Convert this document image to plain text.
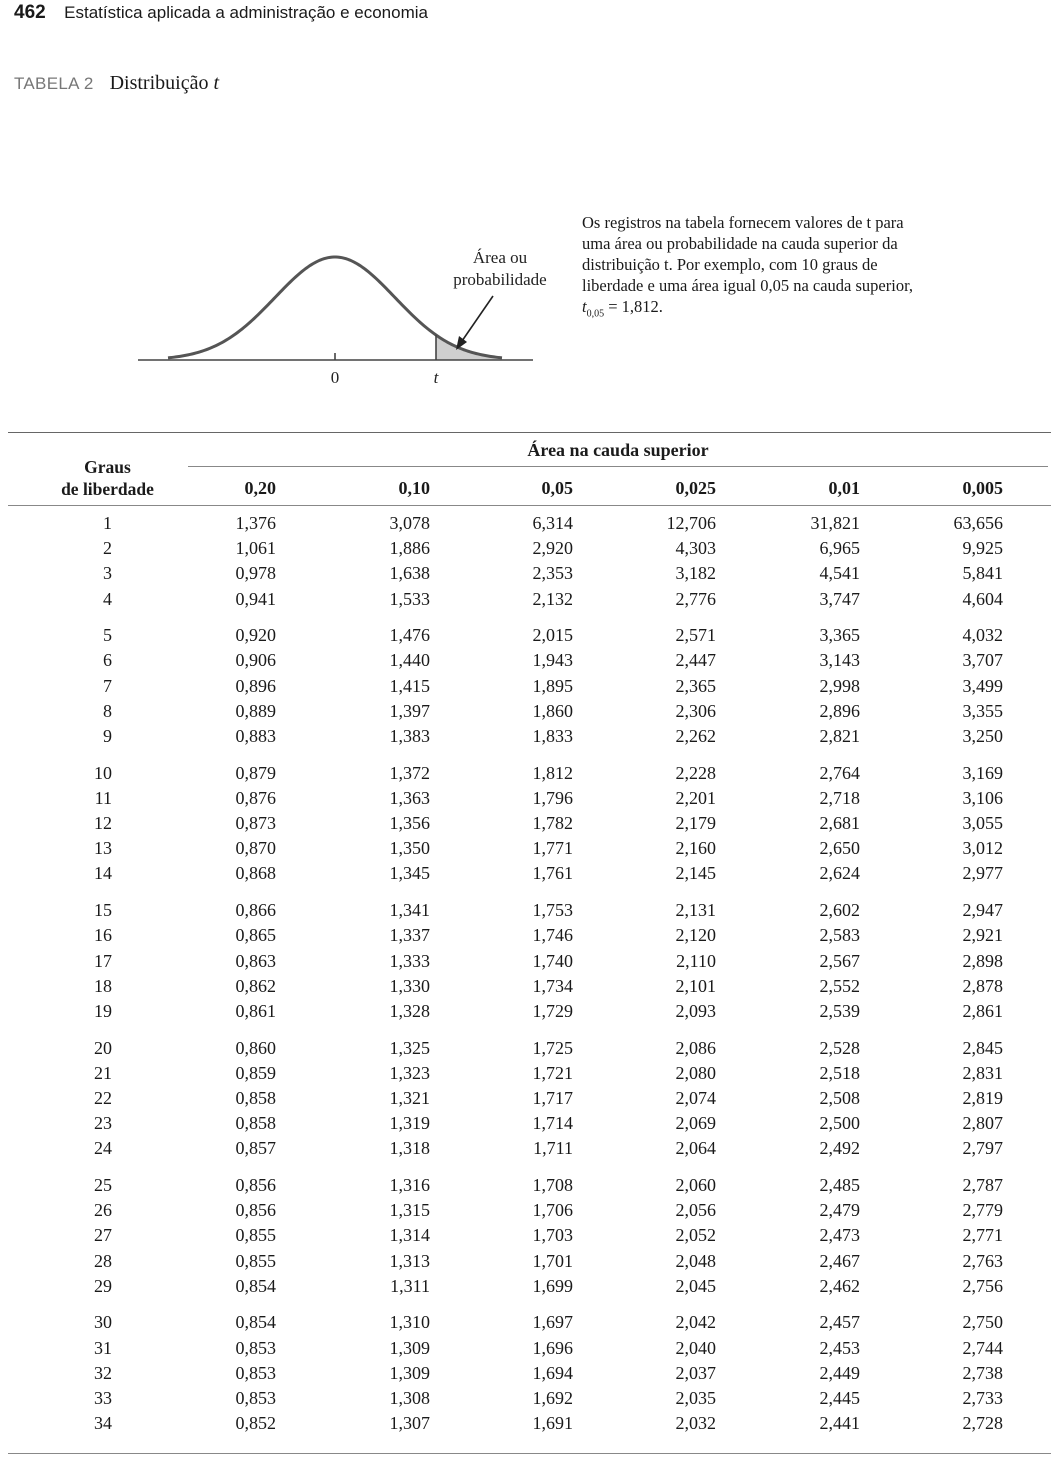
462 Estatística aplicada a administração e economia
TABELA 2 Distribuição t
Área ou
probabilidade
0	t
Os registros na tabela fornecem valores de t para uma área ou probabilidade na cauda superior da distribuição t. Por exemplo, com 10 graus de liberdade e uma área igual 0,05 na cauda superior, $t_{0,05} = 1,812$.
Graus
de liberdade
Área na cauda superior
0,20	0,10	0,05	0,025	0,01	0,005
1	1,376	3,078	6,314	12,706	31,821	63,656
2	1,061	1,886	2,920	4,303	6,965	9,925
3	0,978	1,638	2,353	3,182	4,541	5,841
4	0,941	1,533	2,132	2,776	3,747	4,604
5	0,920	1,476	2,015	2,571	3,365	4,032
6	0,906	1,440	1,943	2,447	3,143	3,707
7	0,896	1,415	1,895	2,365	2,998	3,499
8	0,889	1,397	1,860	2,306	2,896	3,355
9	0,883	1,383	1,833	2,262	2,821	3,250
10	0,879	1,372	1,812	2,228	2,764	3,169
11	0,876	1,363	1,796	2,201	2,718	3,106
12	0,873	1,356	1,782	2,179	2,681	3,055
13	0,870	1,350	1,771	2,160	2,650	3,012
14	0,868	1,345	1,761	2,145	2,624	2,977
15	0,866	1,341	1,753	2,131	2,602	2,947
16	0,865	1,337	1,746	2,120	2,583	2,921
17	0,863	1,333	1,740	2,110	2,567	2,898
18	0,862	1,330	1,734	2,101	2,552	2,878
19	0,861	1,328	1,729	2,093	2,539	2,861
20	0,860	1,325	1,725	2,086	2,528	2,845
21	0,859	1,323	1,721	2,080	2,518	2,831
22	0,858	1,321	1,717	2,074	2,508	2,819
23	0,858	1,319	1,714	2,069	2,500	2,807
24	0,857	1,318	1,711	2,064	2,492	2,797
25	0,856	1,316	1,708	2,060	2,485	2,787
26	0,856	1,315	1,706	2,056	2,479	2,779
27	0,855	1,314	1,703	2,052	2,473	2,771
28	0,855	1,313	1,701	2,048	2,467	2,763
29	0,854	1,311	1,699	2,045	2,462	2,756
30	0,854	1,310	1,697	2,042	2,457	2,750
31	0,853	1,309	1,696	2,040	2,453	2,744
32	0,853	1,309	1,694	2,037	2,449	2,738
33	0,853	1,308	1,692	2,035	2,445	2,733
34	0,852	1,307	1,691	2,032	2,441	2,728
